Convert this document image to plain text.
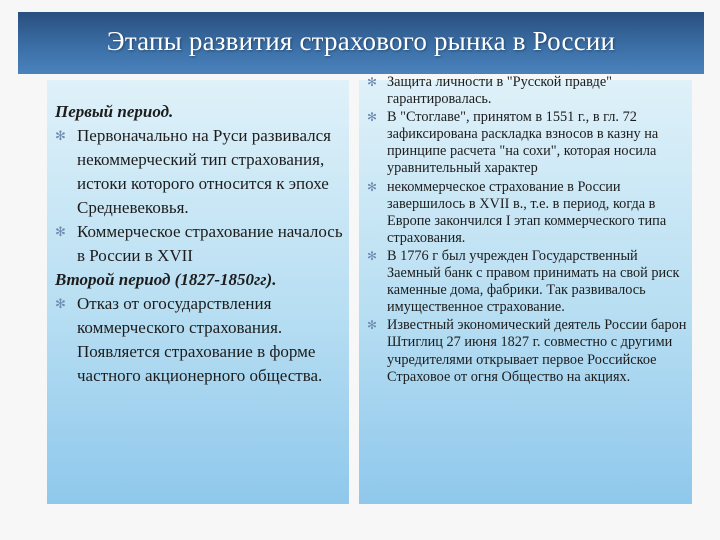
Этапы развития страхового рынка в России
Первый период.
✻ Первоначально на Руси развивался некоммерческий тип страхования, истоки которого относится к эпохе Средневековья.
✻ Коммерческое страхование началось в России в XVII
Второй период (1827-1850гг).
✻ Отказ от огосударствления коммерческого страхования. Появляется страхование в форме частного акционерного общества.
✻ Защита личности в "Русской правде" гарантировалась.
✻ В "Стоглаве", принятом в 1551 г., в гл. 72 зафиксирована раскладка взносов в казну на принципе расчета "на сохи", которая носила уравнительный характер
✻ некоммерческое страхование в России завершилось в XVII в., т.е. в период, когда в Европе закончился I этап коммерческого типа страхования.
✻ В 1776 г был учрежден Государственный Заемный банк с правом принимать на свой риск каменные дома, фабрики. Так развивалось имущественное страхование.
✻ Известный экономический деятель России барон Штиглиц 27 июня 1827 г. совместно с другими учредителями открывает первое Российское Страховое от огня Общество на акциях.
